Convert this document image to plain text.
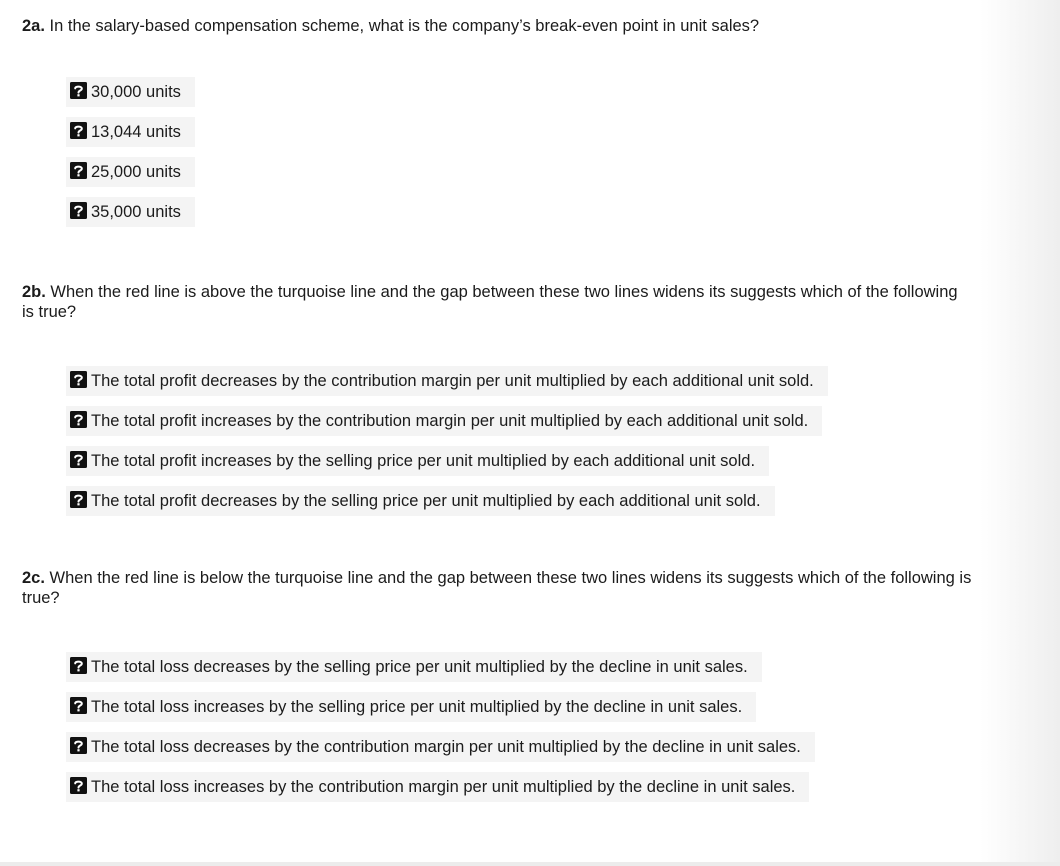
2a. In the salary-based compensation scheme, what is the company’s break-even point in unit sales?

30,000 units
13,044 units
25,000 units
35,000 units

2b. When the red line is above the turquoise line and the gap between these two lines widens its suggests which of the following is true?

The total profit decreases by the contribution margin per unit multiplied by each additional unit sold.
The total profit increases by the contribution margin per unit multiplied by each additional unit sold.
The total profit increases by the selling price per unit multiplied by each additional unit sold.
The total profit decreases by the selling price per unit multiplied by each additional unit sold.

2c. When the red line is below the turquoise line and the gap between these two lines widens its suggests which of the following is true?

The total loss decreases by the selling price per unit multiplied by the decline in unit sales.
The total loss increases by the selling price per unit multiplied by the decline in unit sales.
The total loss decreases by the contribution margin per unit multiplied by the decline in unit sales.
The total loss increases by the contribution margin per unit multiplied by the decline in unit sales.
